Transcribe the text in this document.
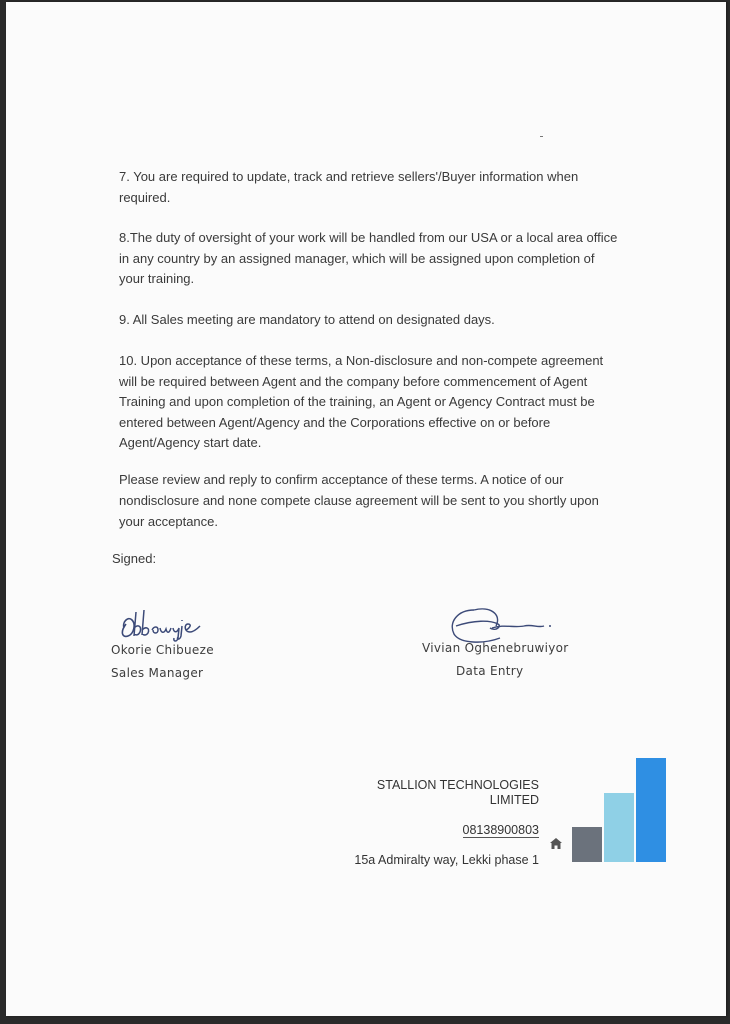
7. You are required to update, track and retrieve sellers'/Buyer information when required.

8.The duty of oversight of your work will be handled from our USA or a local area office in any country by an assigned manager, which will be assigned upon completion of your training.

9. All Sales meeting are mandatory to attend on designated days.

10. Upon acceptance of these terms, a Non-disclosure and non-compete agreement will be required between Agent and the company before commencement of Agent Training and upon completion of the training, an Agent or Agency Contract must be entered between Agent/Agency and the Corporations effective on or before Agent/Agency start date.

Please review and reply to confirm acceptance of these terms. A notice of our nondisclosure and none compete clause agreement will be sent to you shortly upon your acceptance.

Signed:
Okorie Chibueze
Sales Manager
Vivian Oghenebruwiyor
Data Entry
STALLION TECHNOLOGIES
LIMITED
08138900803
15a Admiralty way, Lekki phase 1
